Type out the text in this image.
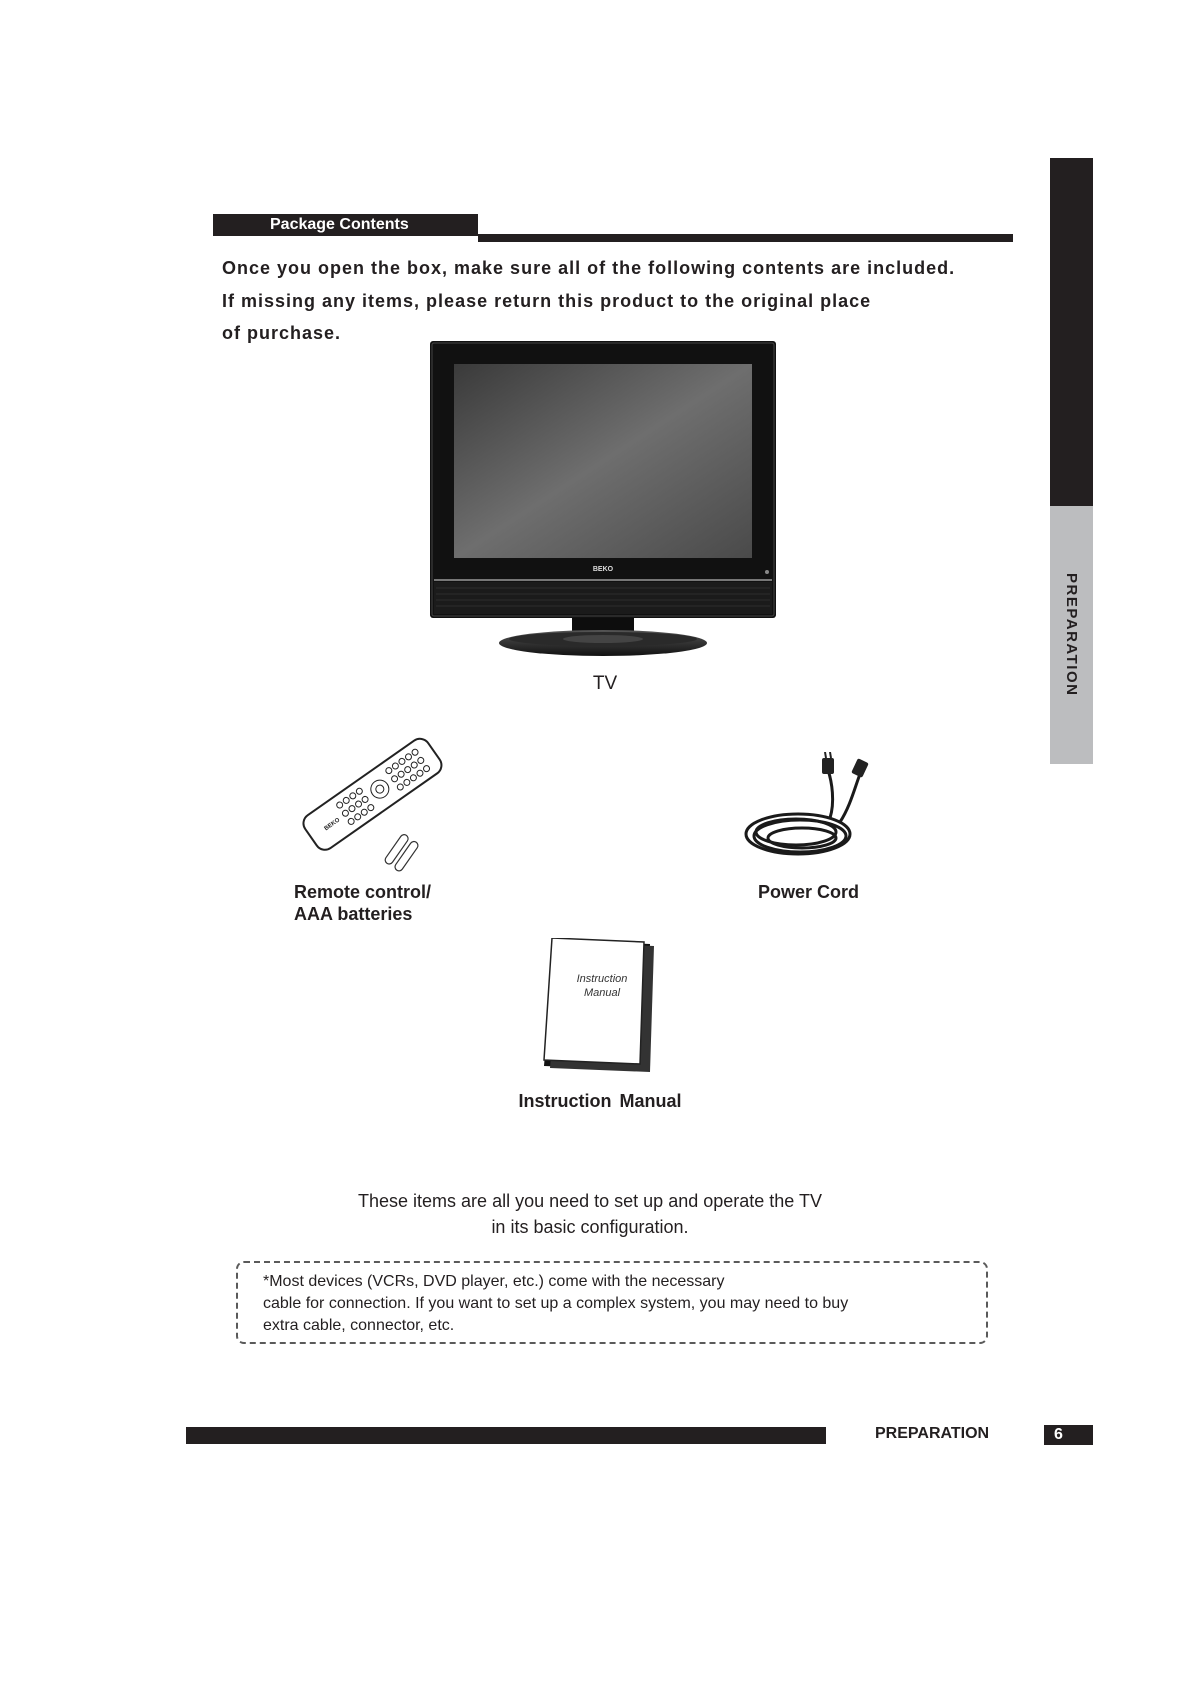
PREPARATION
Package Contents

Once you open the box, make sure all of the following contents are included.

If missing any items, please return this product to the original place

of purchase.

BEKO
TV
BEKO

Remote control/

AAA batteries

Power Cord
Instruction
Manual
Instruction Manual

These items are all you need to set up and operate the TV

in its basic configuration.

*Most devices (VCRs, DVD player, etc.) come with the necessary

cable for connection. If you want to set up a complex system, you may need to buy

extra cable, connector, etc.

PREPARATION	6
